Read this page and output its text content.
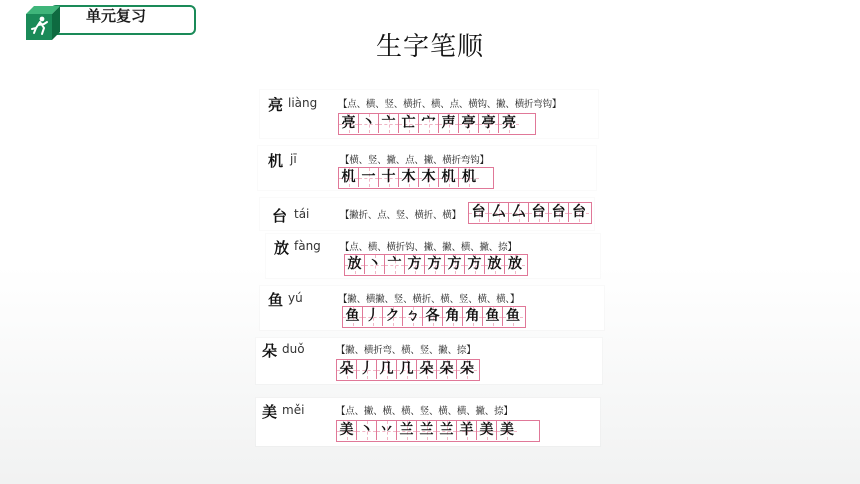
单元复习
生字笔顺
亮 liàng 【点、横、竖、横折、横、点、横钩、撇、横折弯钩】
亮 丶 亠 亡 宀 声 亭 亭 亮
机 jī	【横、竖、撇、点、撇、横折弯钩】
机 一 十 木 木 机 机
台 tái	【撇折、点、竖、横折、横】 台 厶 厶 台 台 台
放 fàng 【点、横、横折钩、撇、撇、横、撇、捺】
放 丶 亠 方 方 方 方 放 放
鱼 yú	【撇、横撇、竖、横折、横、竖、横、横、】
鱼 丿 ク ㄅ 各 角 角 鱼 鱼
朵 duǒ	【撇、横折弯、横、竖、撇、捺】
朵 丿 几 几 朵 朵 朵
美 měi	【点、撇、横、横、竖、横、横、撇、捺】
美 丶 丷 兰 兰 兰 羊 美 美
